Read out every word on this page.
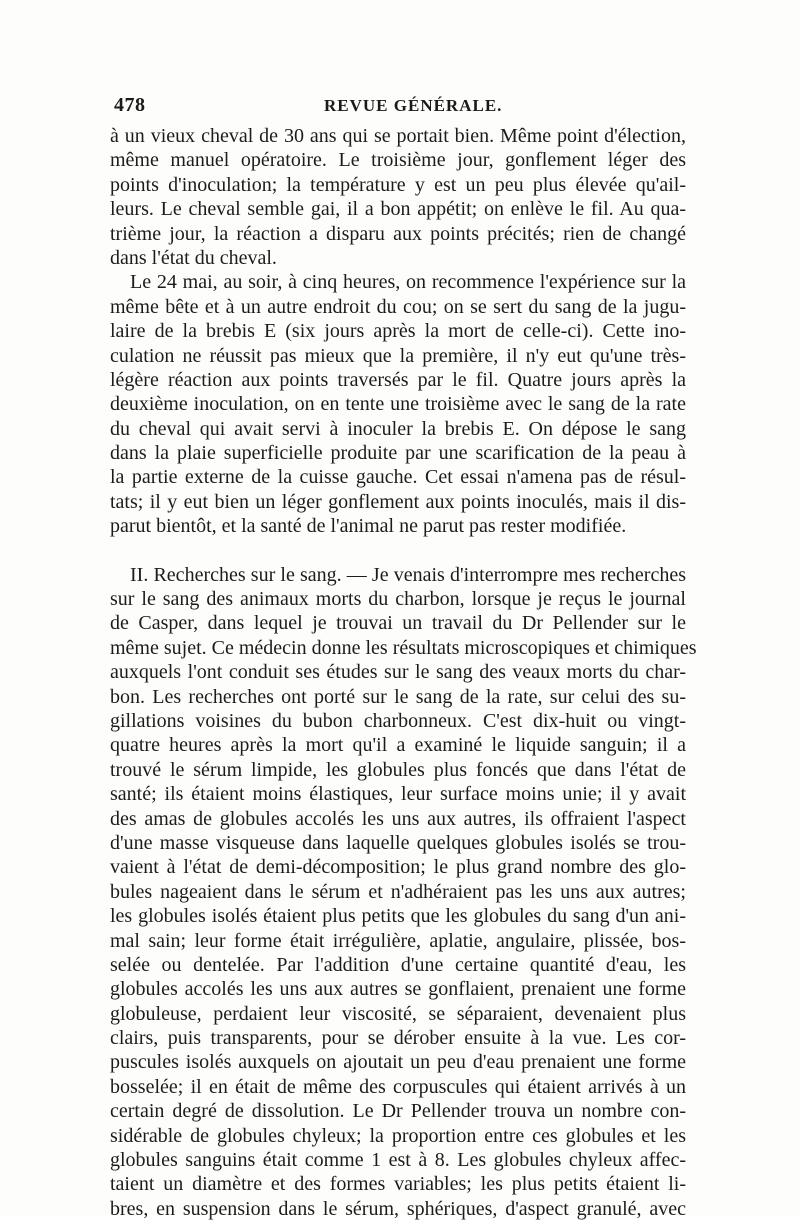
478	REVUE GÉNÉRALE.
à un vieux cheval de 30 ans qui se portait bien. Même point d'élection,
même manuel opératoire. Le troisième jour, gonflement léger des
points d'inoculation; la température y est un peu plus élevée qu'ail-
leurs. Le cheval semble gai, il a bon appétit; on enlève le fil. Au qua-
trième jour, la réaction a disparu aux points précités; rien de changé
dans l'état du cheval.
Le 24 mai, au soir, à cinq heures, on recommence l'expérience sur la
même bête et à un autre endroit du cou; on se sert du sang de la jugu-
laire de la brebis E (six jours après la mort de celle-ci). Cette ino-
culation ne réussit pas mieux que la première, il n'y eut qu'une très-
légère réaction aux points traversés par le fil. Quatre jours après la
deuxième inoculation, on en tente une troisième avec le sang de la rate
du cheval qui avait servi à inoculer la brebis E. On dépose le sang
dans la plaie superficielle produite par une scarification de la peau à
la partie externe de la cuisse gauche. Cet essai n'amena pas de résul-
tats; il y eut bien un léger gonflement aux points inoculés, mais il dis-
parut bientôt, et la santé de l'animal ne parut pas rester modifiée.
II. Recherches sur le sang. — Je venais d'interrompre mes recherches
sur le sang des animaux morts du charbon, lorsque je reçus le journal
de Casper, dans lequel je trouvai un travail du Dr Pellender sur le
même sujet. Ce médecin donne les résultats microscopiques et chimiques
auxquels l'ont conduit ses études sur le sang des veaux morts du char-
bon. Les recherches ont porté sur le sang de la rate, sur celui des su-
gillations voisines du bubon charbonneux. C'est dix-huit ou vingt-
quatre heures après la mort qu'il a examiné le liquide sanguin; il a
trouvé le sérum limpide, les globules plus foncés que dans l'état de
santé; ils étaient moins élastiques, leur surface moins unie; il y avait
des amas de globules accolés les uns aux autres, ils offraient l'aspect
d'une masse visqueuse dans laquelle quelques globules isolés se trou-
vaient à l'état de demi-décomposition; le plus grand nombre des glo-
bules nageaient dans le sérum et n'adhéraient pas les uns aux autres;
les globules isolés étaient plus petits que les globules du sang d'un ani-
mal sain; leur forme était irrégulière, aplatie, angulaire, plissée, bos-
selée ou dentelée. Par l'addition d'une certaine quantité d'eau, les
globules accolés les uns aux autres se gonflaient, prenaient une forme
globuleuse, perdaient leur viscosité, se séparaient, devenaient plus
clairs, puis transparents, pour se dérober ensuite à la vue. Les cor-
puscules isolés auxquels on ajoutait un peu d'eau prenaient une forme
bosselée; il en était de même des corpuscules qui étaient arrivés à un
certain degré de dissolution. Le Dr Pellender trouva un nombre con-
sidérable de globules chyleux; la proportion entre ces globules et les
globules sanguins était comme 1 est à 8. Les globules chyleux affec-
taient un diamètre et des formes variables; les plus petits étaient li-
bres, en suspension dans le sérum, sphériques, d'aspect granulé, avec
